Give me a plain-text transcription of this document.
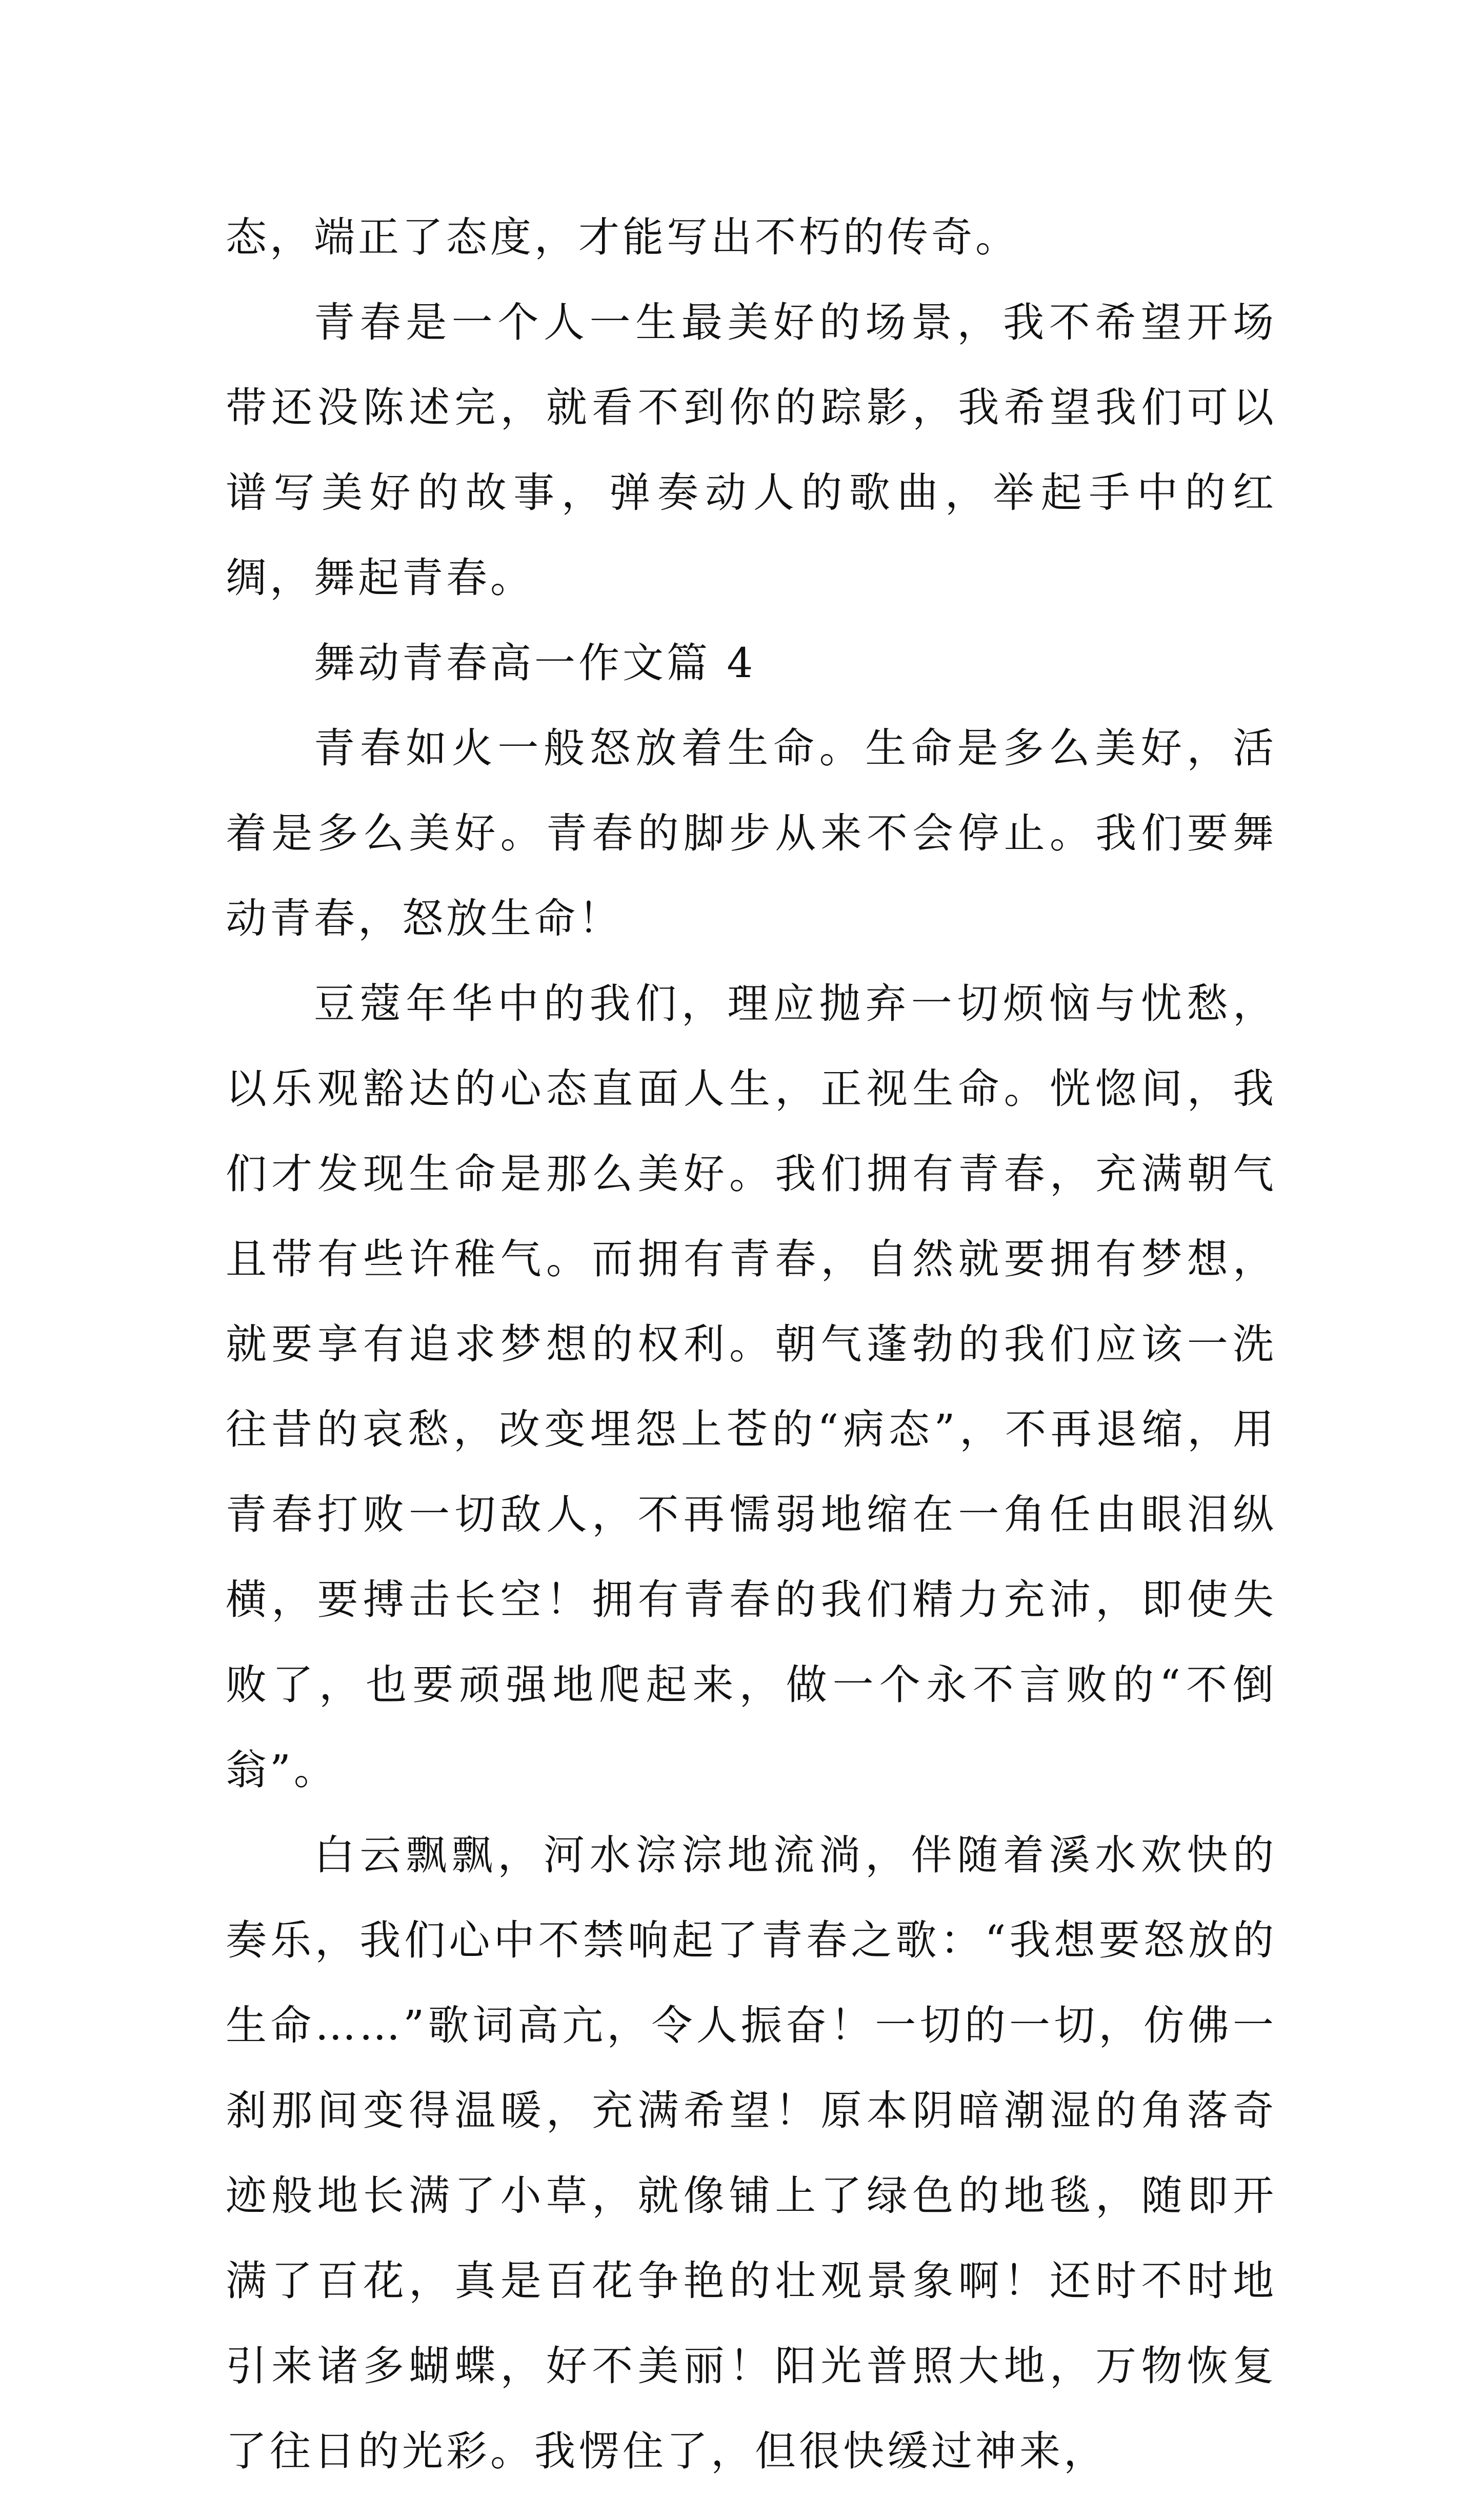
态，端正了态度，才能写出不朽的传奇。

青春是一个人一生最美好的场景，我不希望开场带还没陈述完，就看不到你的踪影，我希望我们可以谱写美好的故事，弹奏动人的歌曲，举起手中的红绸，舞起青春。

舞动青春高一作文篇 4

青春如火一般怒放着生命。生命是多么美好，活着是多么美好。青春的脚步从来不会停止。我们要舞动青春，怒放生命！

豆蔻年华中的我们，理应抛弃一切烦恼与忧愁，以乐观豁达的心态直面人生，正视生命。恍惚间，我们才发现生命是那么美好。我们拥有青春，充满朝气且带有些许稚气。而拥有青春，自然就要拥有梦想，就要享有追求梦想的权利。朝气蓬勃的我们应该一洗往昔的哀愁，改变埋怨上苍的“病态”，不再退缩，用青春打败一切敌人，不再懦弱地缩在一角任由眼泪纵横，要搏击长空！拥有青春的我们精力充沛，即使失败了，也要顽强地爬起来，做一个永不言败的“不倒翁”。

白云飘飘，河水淙淙地流淌，伴随着溪水欢快的奏乐，我们心中不禁响起了青春之歌：“我想要怒放的生命……”歌词高亢，令人振奋！一切的一切，仿佛一刹那间变得温暖，充满希望！原本阴暗潮湿的角落奇迹般地长满了小草，就像铺上了绿色的地毯，随即开满了百花，真是百花争艳的壮观景象啊！还时不时地引来诸多蝴蝶，好不美丽！阳光普照大地，万物恢复了往日的光彩。我愣住了，但很快缓过神来，
